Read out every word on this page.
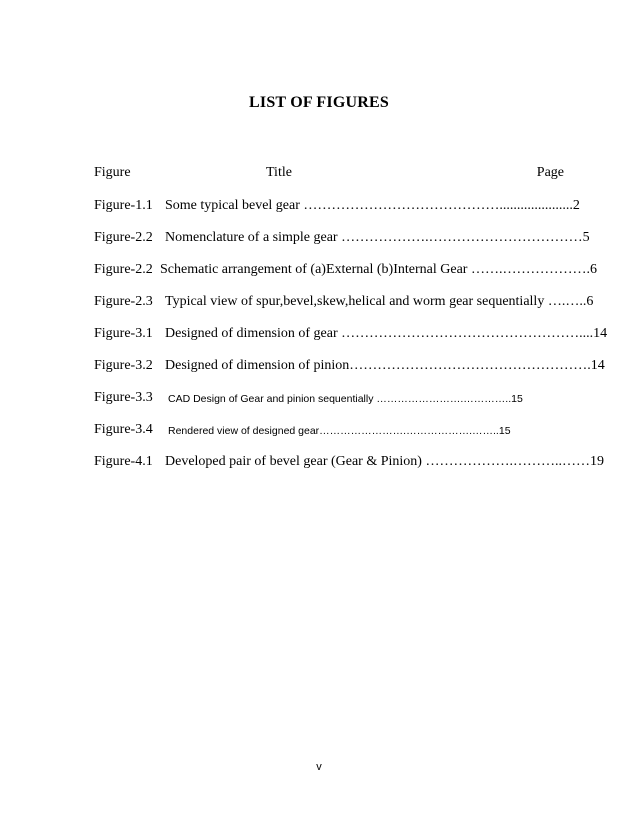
LIST OF FIGURES
Figure	Title	Page
Figure-1.1 Some typical bevel gear …………………………………….....................2
Figure-2.2 Nomenclature of a simple gear ……………….……………………………5
Figure-2.2 Schematic arrangement of (a)External (b)Internal Gear …….……………….6
Figure-2.3 Typical view of spur,bevel,skew,helical and worm gear sequentially ….…..6
Figure-3.1 Designed of dimension of gear ……………………………………………....14
Figure-3.2 Designed of dimension of pinion…………………………………………….14
Figure-3.3 CAD Design of Gear and pinion sequentially …………………….…………..15
Figure-3.4 Rendered view of designed gear…………………….……………….……..15
Figure-4.1 Developed pair of bevel gear (Gear & Pinion) ……………….………..……19
v
